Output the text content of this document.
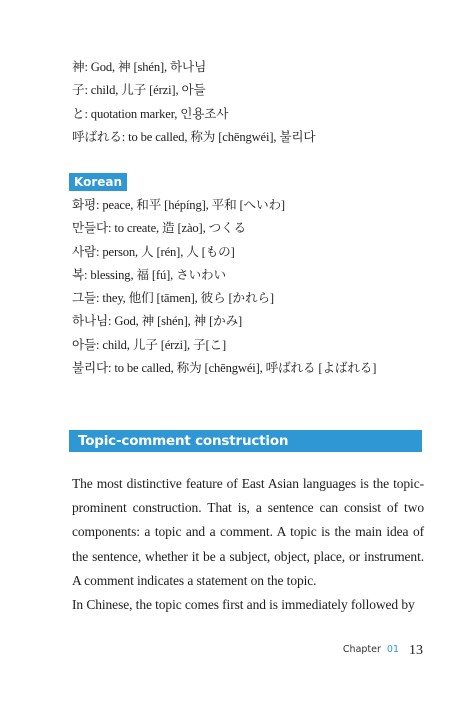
神: God, 神 [shén], 하나님
子: child, 儿子 [érzi], 아들
と: quotation marker, 인용조사
呼ばれる: to be called, 称为 [chēngwéi], 불리다
Korean
화평: peace, 和平 [hépíng], 平和 [へいわ]
만들다: to create, 造 [zào], つくる
사람: person, 人 [rén], 人 [もの]
복: blessing, 福 [fú], さいわい
그들: they, 他们 [tāmen], 彼ら [かれら]
하나님: God, 神 [shén], 神 [かみ]
아들: child, 儿子 [érzi], 子[こ]
불리다: to be called, 称为 [chēngwéi], 呼ばれる [よばれる]
Topic-comment construction

The most distinctive feature of East Asian languages is the topic-prominent construction. That is, a sentence can consist of two components: a topic and a comment. A topic is the main idea of the sentence, whether it be a subject, object, place, or instrument. A comment indicates a statement on the topic.

In Chinese, the topic comes first and is immediately followed by

Chapter 01 13
